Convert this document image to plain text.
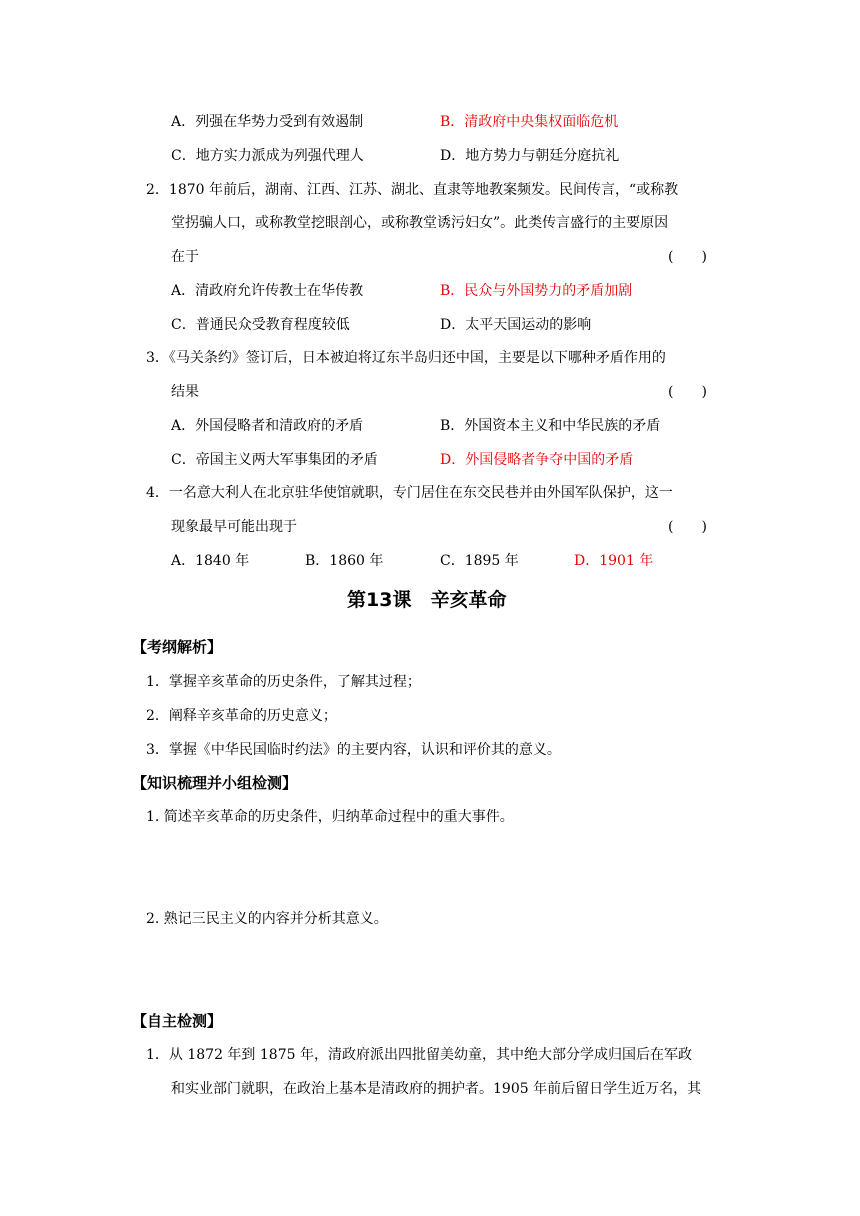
A．列强在华势力受到有效遏制	B．清政府中央集权面临危机
C．地方实力派成为列强代理人	D．地方势力与朝廷分庭抗礼
2．1870 年前后，湖南、江西、江苏、湖北、直隶等地教案频发。民间传言，“或称教
堂拐骗人口，或称教堂挖眼剖心，或称教堂诱污妇女”。此类传言盛行的主要原因
在于	(　　)
A．清政府允许传教士在华传教	B．民众与外国势力的矛盾加剧
C．普通民众受教育程度较低	D．太平天国运动的影响
3．《马关条约》签订后，日本被迫将辽东半岛归还中国，主要是以下哪种矛盾作用的
结果	(　　)
A．外国侵略者和清政府的矛盾	B．外国资本主义和中华民族的矛盾
C．帝国主义两大军事集团的矛盾	D．外国侵略者争夺中国的矛盾
4．一名意大利人在北京驻华使馆就职，专门居住在东交民巷并由外国军队保护，这一
现象最早可能出现于	(　　)
A．1840 年	B．1860 年	C．1895 年	D．1901 年
第13课　辛亥革命
【考纲解析】
1．掌握辛亥革命的历史条件，了解其过程；
2．阐释辛亥革命的历史意义；
3．掌握《中华民国临时约法》的主要内容，认识和评价其的意义。
【知识梳理并小组检测】
1. 简述辛亥革命的历史条件，归纳革命过程中的重大事件。
2. 熟记三民主义的内容并分析其意义。
【自主检测】
1．从 1872 年到 1875 年，清政府派出四批留美幼童，其中绝大部分学成归国后在军政
和实业部门就职，在政治上基本是清政府的拥护者。1905 年前后留日学生近万名，其
